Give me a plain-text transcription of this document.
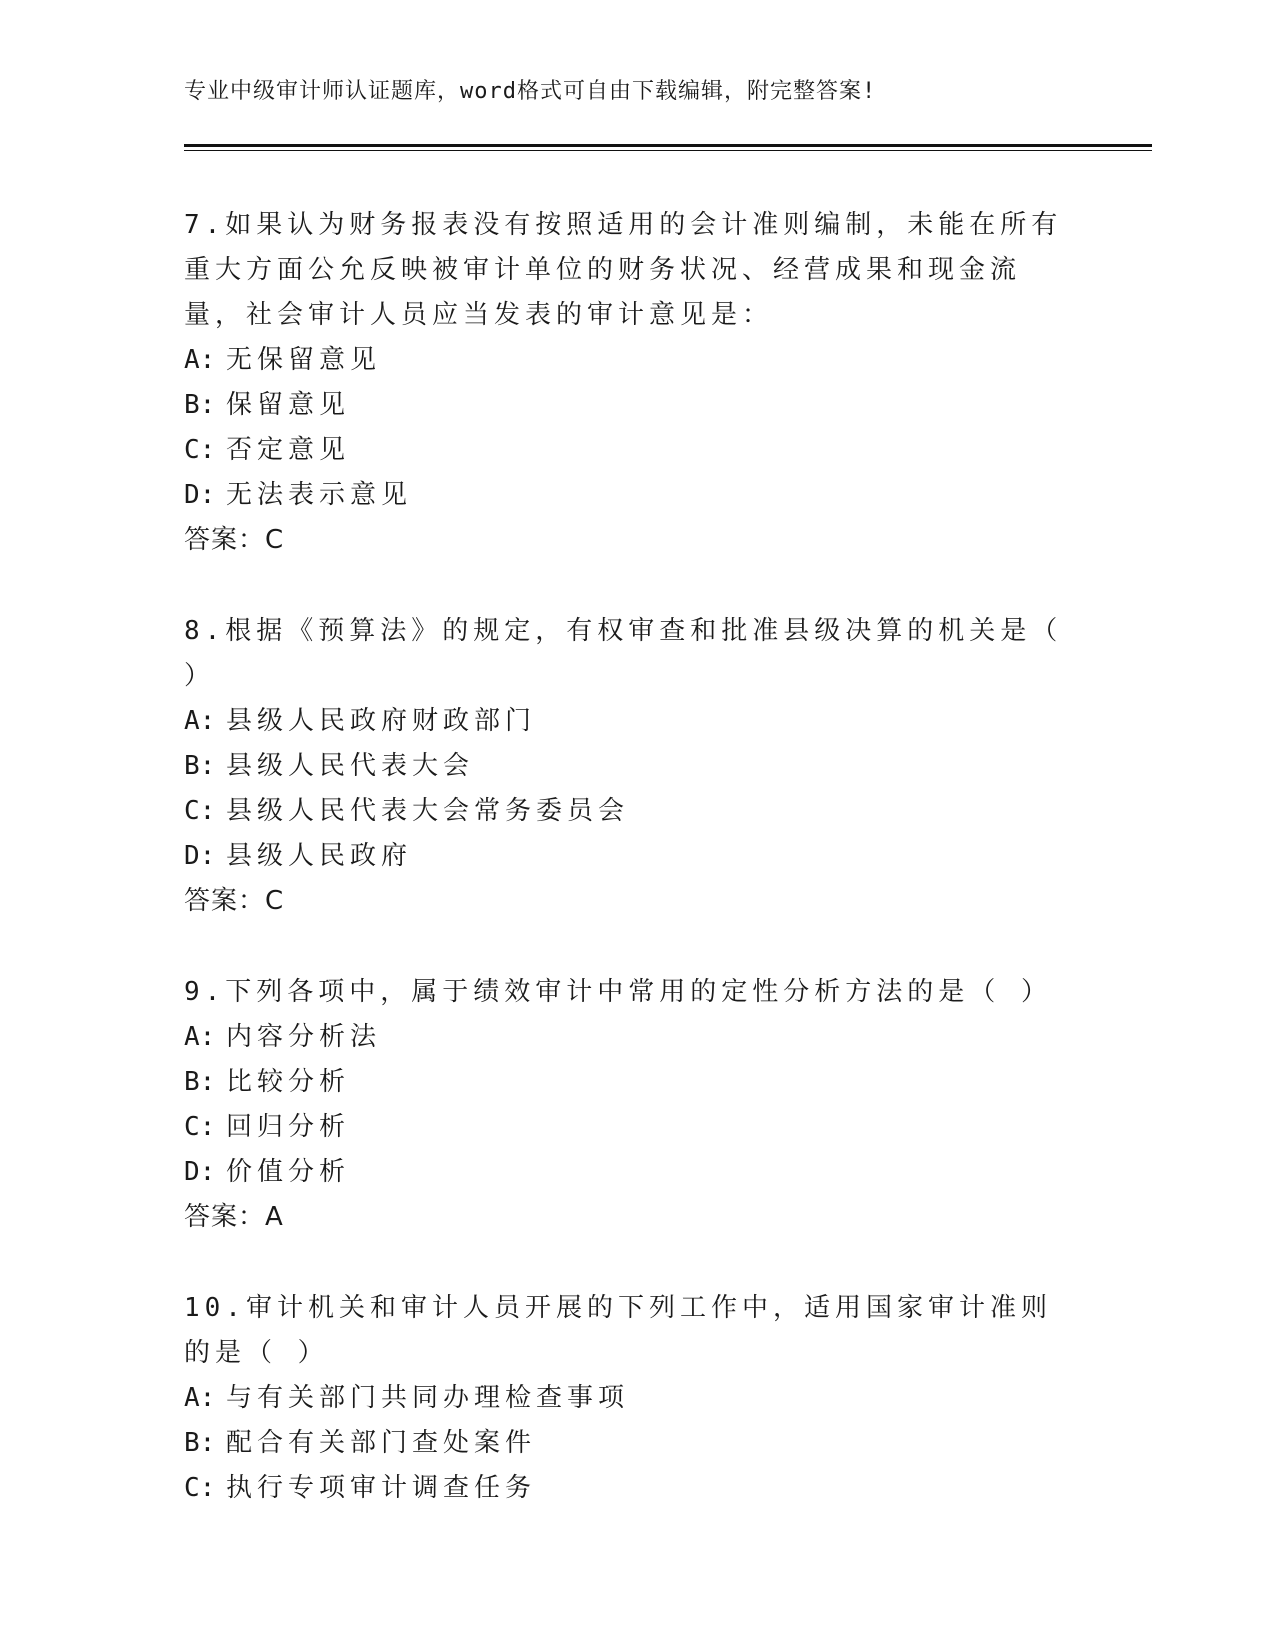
专业中级审计师认证题库，word格式可自由下载编辑，附完整答案!
7.如果认为财务报表没有按照适用的会计准则编制，未能在所有重大方面公允反映被审计单位的财务状况、经营成果和现金流量，社会审计人员应当发表的审计意见是：
A: 无保留意见
B: 保留意见
C: 否定意见
D: 无法表示意见
答案：C
8.根据《预算法》的规定，有权审查和批准县级决算的机关是（ ）
A: 县级人民政府财政部门
B: 县级人民代表大会
C: 县级人民代表大会常务委员会
D: 县级人民政府
答案：C
9.下列各项中，属于绩效审计中常用的定性分析方法的是（ ）
A: 内容分析法
B: 比较分析
C: 回归分析
D: 价值分析
答案：A
10.审计机关和审计人员开展的下列工作中，适用国家审计准则的是（ ）
A: 与有关部门共同办理检查事项
B: 配合有关部门查处案件
C: 执行专项审计调查任务
